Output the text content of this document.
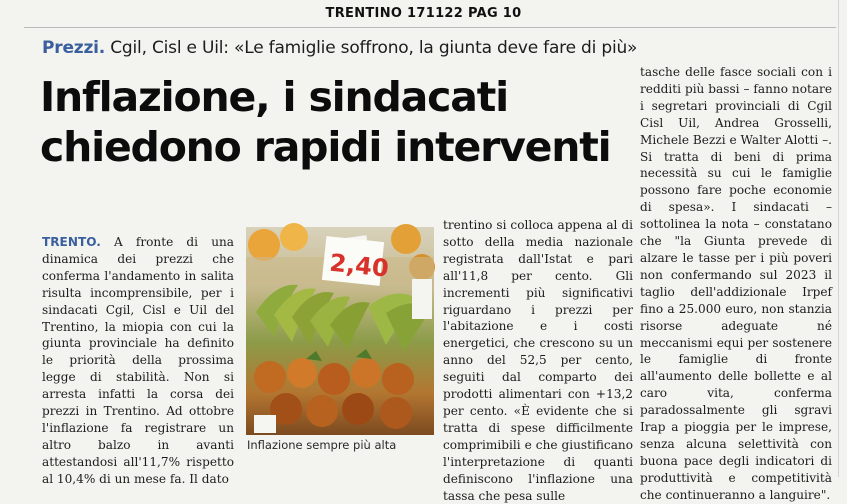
TRENTINO 171122 PAG 10
Prezzi. Cgil, Cisl e Uil: «Le famiglie soffrono, la giunta deve fare di più»
Inflazione, i sindacati
chiedono rapidi interventi
TRENTO. A fronte di una dinamica dei prezzi che conferma l'andamento in salita risulta incomprensibile, per i sindacati Cgil, Cisl e Uil del Trentino, la miopia con cui la giunta provinciale ha definito le priorità della prossima legge di stabilità. Non si arresta infatti la corsa dei prezzi in Trentino. Ad ottobre l'inflazione fa registrare un altro balzo in avanti attestandosi all'11,7% rispetto al 10,4% di un mese fa. Il dato
2,40
Inflazione sempre più alta
trentino si colloca appena al di sotto della media nazionale registrata dall'Istat e pari all'11,8 per cento. Gli incrementi più significativi riguardano i prezzi per l'abitazione e i costi energetici, che crescono su un anno del 52,5 per cento, seguiti dal comparto dei prodotti alimentari con +13,2 per cento. «È evidente che si tratta di spese difficilmente comprimibili e che giustificano l'interpretazione di quanti definiscono l'inflazione una tassa che pesa sulle
tasche delle fasce sociali con i redditi più bassi – fanno notare i segretari provinciali di Cgil Cisl Uil, Andrea Grosselli, Michele Bezzi e Walter Alotti –. Si tratta di beni di prima necessità su cui le famiglie possono fare poche economie di spesa». I sindacati – sottolinea la nota – constatano che "la Giunta prevede di alzare le tasse per i più poveri non confermando sul 2023 il taglio dell'addizionale Irpef fino a 25.000 euro, non stanzia risorse adeguate né meccanismi equi per sostenere le famiglie di fronte all'aumento delle bollette e al caro vita, conferma paradossalmente gli sgravi Irap a pioggia per le imprese, senza alcuna selettività con buona pace degli indicatori di produttività e competitività che continueranno a languire".
